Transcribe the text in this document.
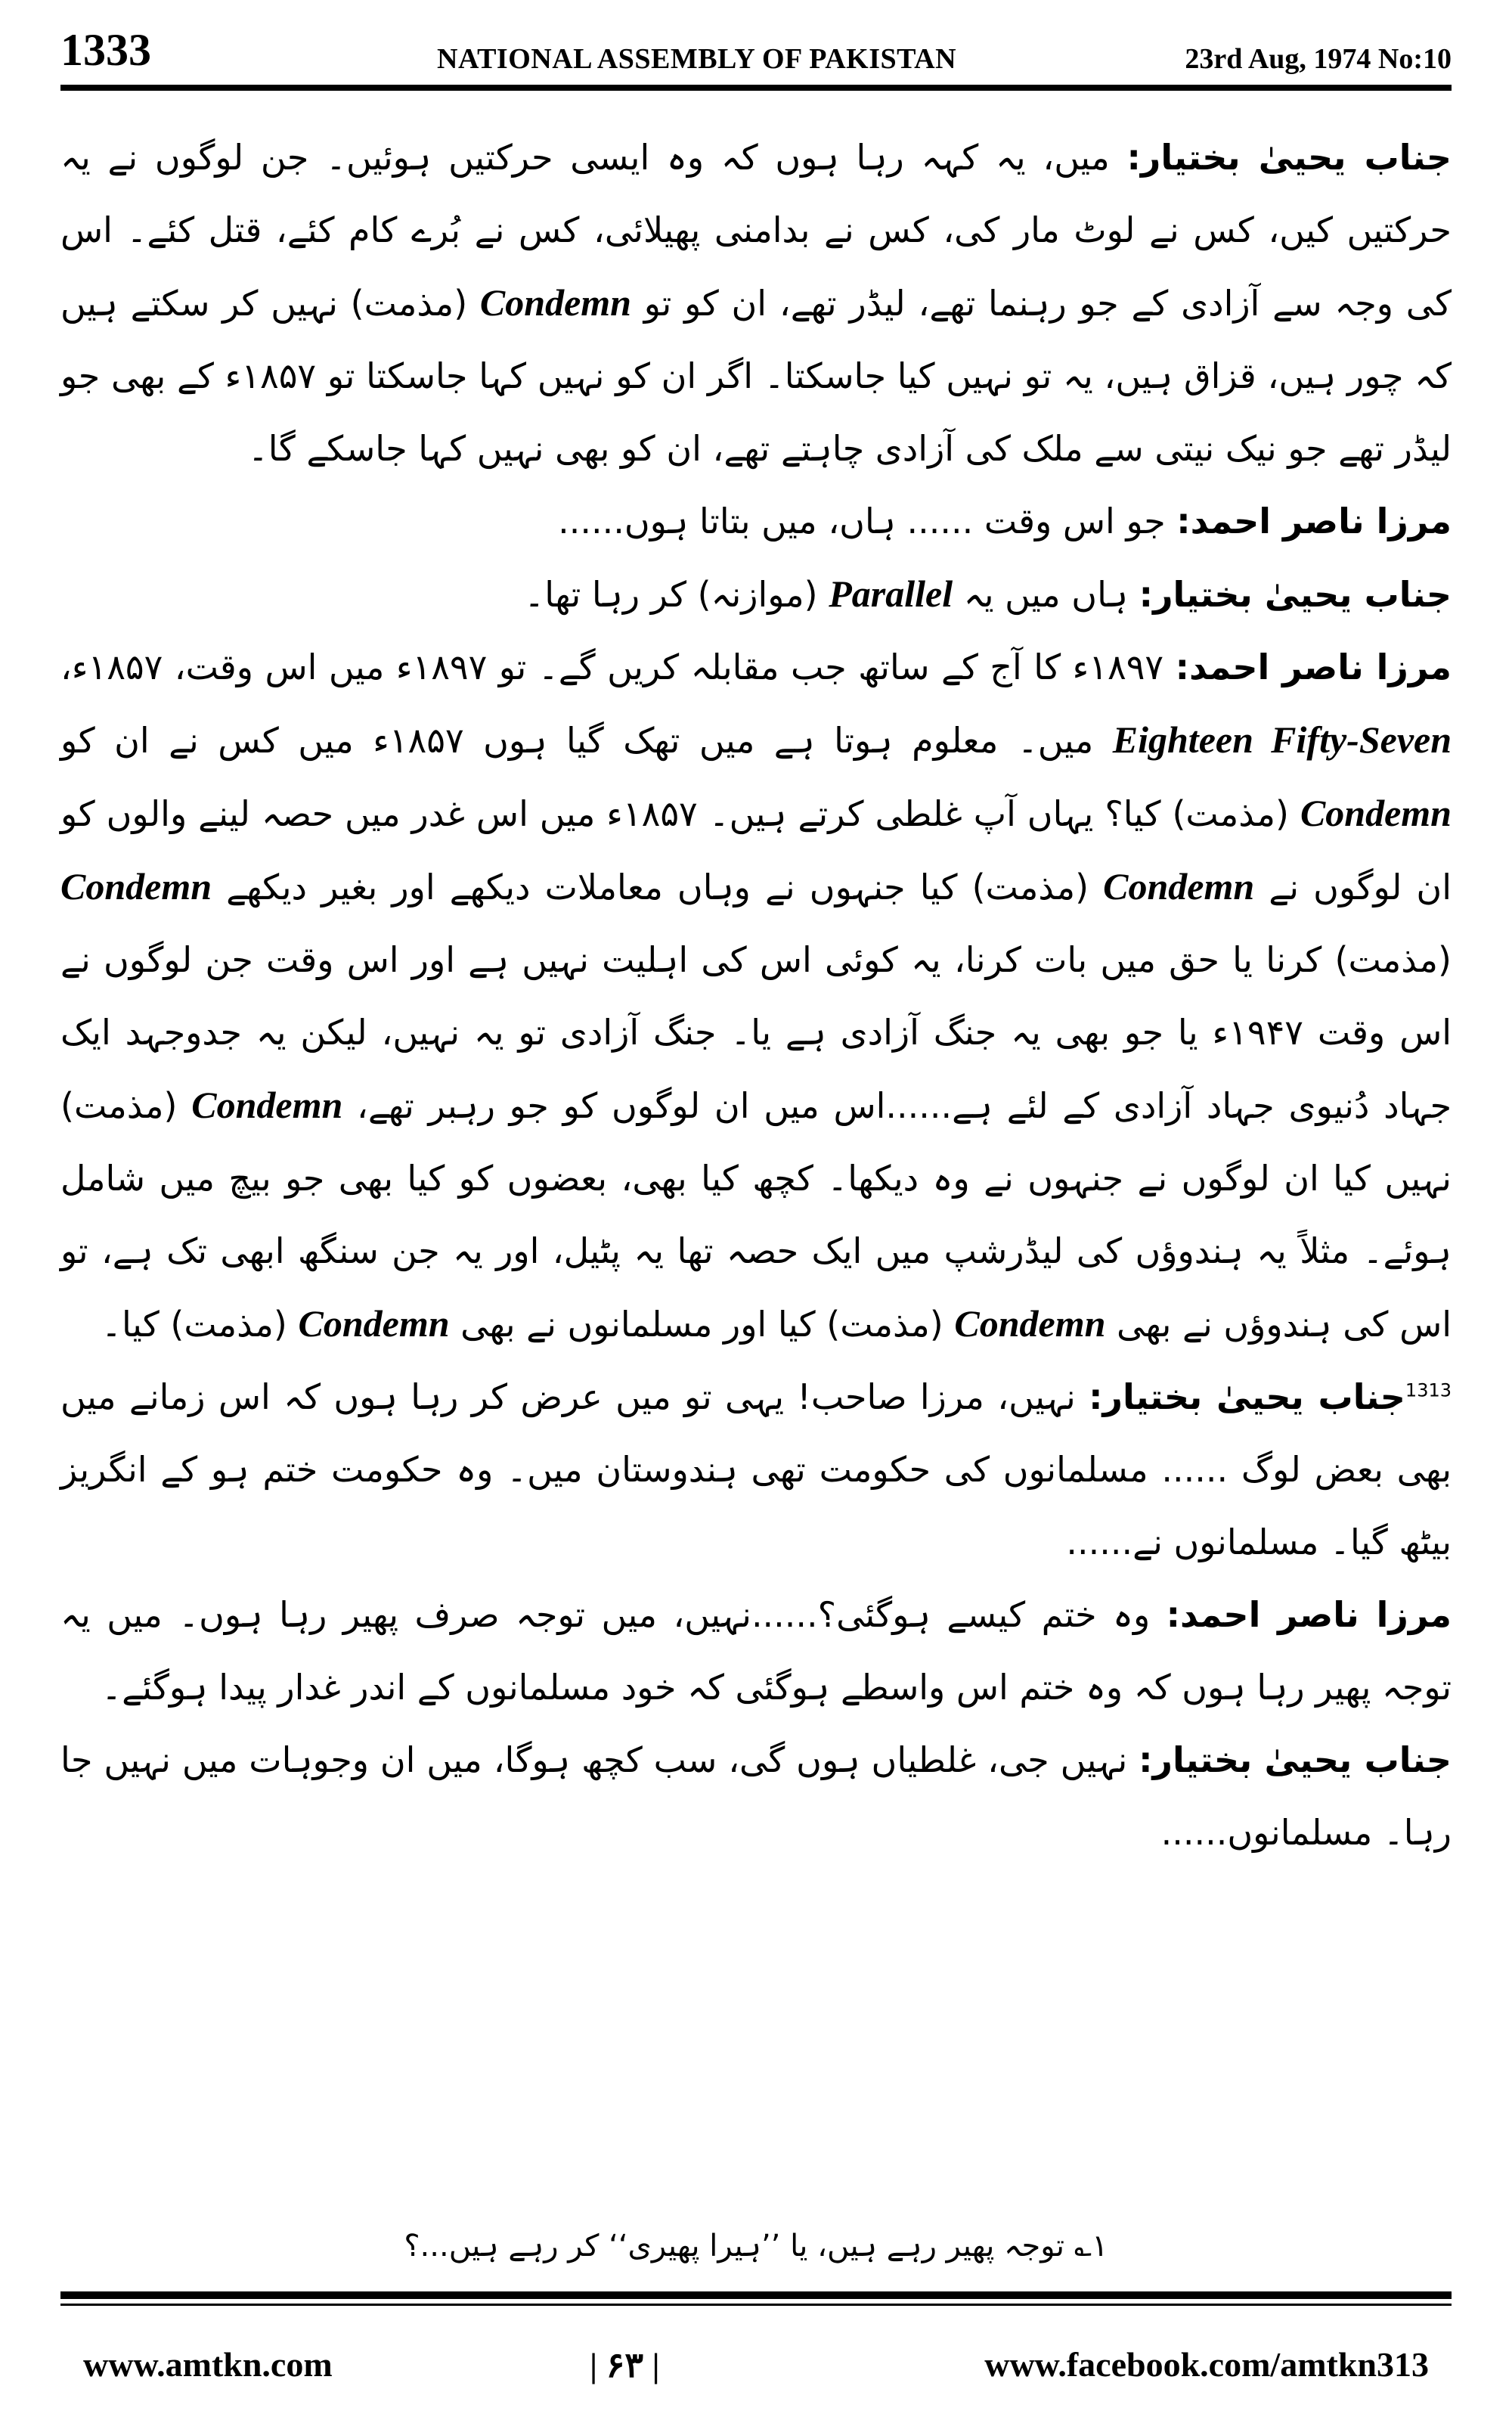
1333	NATIONAL ASSEMBLY OF PAKISTAN	23rd Aug, 1974 No:10

جناب یحییٰ بختیار: میں، یہ کہہ رہا ہوں کہ وہ ایسی حرکتیں ہوئیں۔ جن لوگوں نے یہ حرکتیں کیں، کس نے لوٹ مار کی، کس نے بدامنی پھیلائی، کس نے بُرے کام کئے، قتل کئے۔ اس کی وجہ سے آزادی کے جو رہنما تھے، لیڈر تھے، ان کو تو Condemn (مذمت) نہیں کر سکتے ہیں کہ چور ہیں، قزاق ہیں، یہ تو نہیں کیا جاسکتا۔ اگر ان کو نہیں کہا جاسکتا تو ۱۸۵۷ء کے بھی جو لیڈر تھے جو نیک نیتی سے ملک کی آزادی چاہتے تھے، ان کو بھی نہیں کہا جاسکے گا۔

مرزا ناصر احمد: جو اس وقت ...... ہاں، میں بتاتا ہوں......

جناب یحییٰ بختیار: ہاں میں یہ Parallel (موازنہ) کر رہا تھا۔

مرزا ناصر احمد: ۱۸۹۷ء کا آج کے ساتھ جب مقابلہ کریں گے۔ تو ۱۸۹۷ء میں اس وقت، ۱۸۵۷ء، Eighteen Fifty-Seven میں۔ معلوم ہوتا ہے میں تھک گیا ہوں ۱۸۵۷ء میں کس نے ان کو Condemn (مذمت) کیا؟ یہاں آپ غلطی کرتے ہیں۔ ۱۸۵۷ء میں اس غدر میں حصہ لینے والوں کو ان لوگوں نے Condemn (مذمت) کیا جنہوں نے وہاں معاملات دیکھے اور بغیر دیکھے Condemn (مذمت) کرنا یا حق میں بات کرنا، یہ کوئی اس کی اہلیت نہیں ہے اور اس وقت جن لوگوں نے اس وقت ۱۹۴۷ء یا جو بھی یہ جنگ آزادی ہے یا۔ جنگ آزادی تو یہ نہیں، لیکن یہ جدوجہد ایک جہاد دُنیوی جہاد آزادی کے لئے ہے......اس میں ان لوگوں کو جو رہبر تھے، Condemn (مذمت) نہیں کیا ان لوگوں نے جنہوں نے وہ دیکھا۔ کچھ کیا بھی، بعضوں کو کیا بھی جو بیچ میں شامل ہوئے۔ مثلاً یہ ہندوؤں کی لیڈرشپ میں ایک حصہ تھا یہ پٹیل، اور یہ جن سنگھ ابھی تک ہے، تو اس کی ہندوؤں نے بھی Condemn (مذمت) کیا اور مسلمانوں نے بھی Condemn (مذمت) کیا۔

$^{1313}$جناب یحییٰ بختیار: نہیں، مرزا صاحب! یہی تو میں عرض کر رہا ہوں کہ اس زمانے میں بھی بعض لوگ ...... مسلمانوں کی حکومت تھی ہندوستان میں۔ وہ حکومت ختم ہو کے انگریز بیٹھ گیا۔ مسلمانوں نے......

مرزا ناصر احمد: وہ ختم کیسے ہوگئی؟......نہیں، میں توجہ صرف پھیر رہا ہوں۔ میں یہ توجہ پھیر رہا ہوں کہ وہ ختم اس واسطے ہوگئی کہ خود مسلمانوں کے اندر غدار پیدا ہوگئے۔

جناب یحییٰ بختیار: نہیں جی، غلطیاں ہوں گی، سب کچھ ہوگا، میں ان وجوہات میں نہیں جا رہا۔ مسلمانوں......

۱؎ توجہ پھیر رہے ہیں، یا ’’ہیرا پھیری‘‘ کر رہے ہیں...؟
www.amtkn.com	| ۶۳ |	www.facebook.com/amtkn313
